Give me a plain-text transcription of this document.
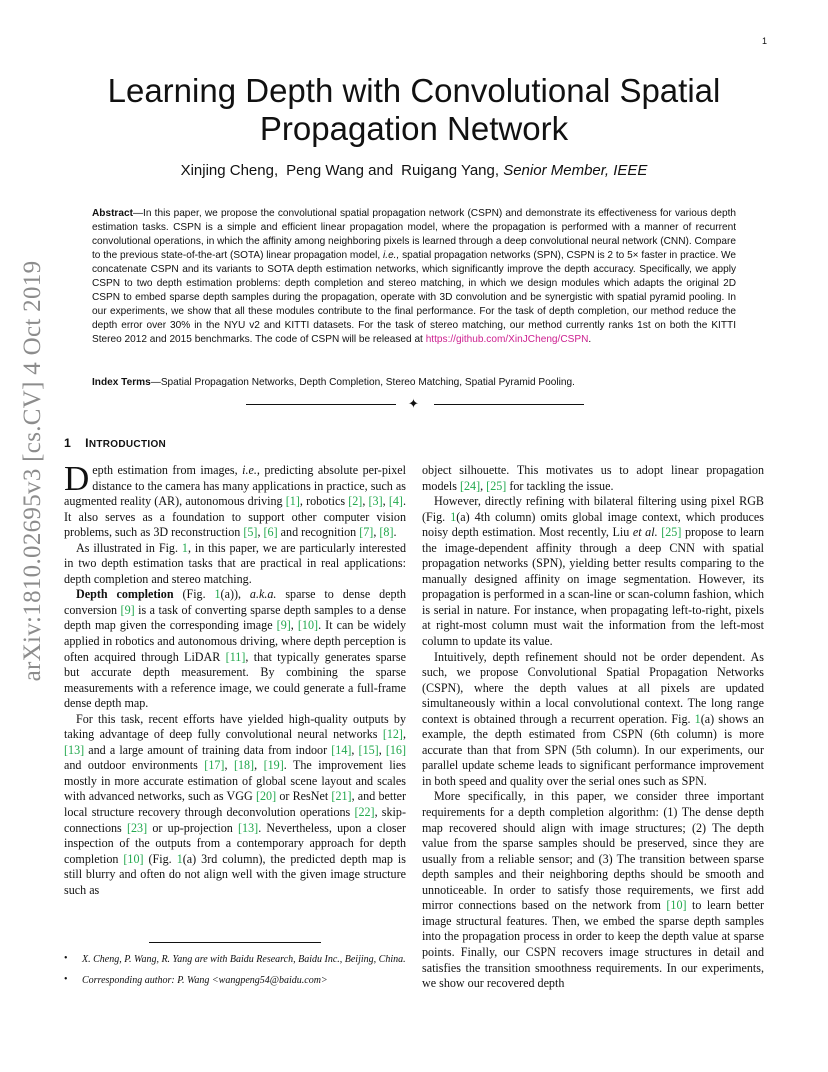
1
arXiv:1810.02695v3 [cs.CV] 4 Oct 2019
Learning Depth with Convolutional Spatial
Propagation Network
Xinjing Cheng, Peng Wang and Ruigang Yang, Senior Member, IEEE
Abstract—In this paper, we propose the convolutional spatial propagation network (CSPN) and demonstrate its effectiveness for various depth estimation tasks. CSPN is a simple and efficient linear propagation model, where the propagation is performed with a manner of recurrent convolutional operations, in which the affinity among neighboring pixels is learned through a deep convolutional neural network (CNN). Compare to the previous state-of-the-art (SOTA) linear propagation model, i.e., spatial propagation networks (SPN), CSPN is 2 to 5× faster in practice. We concatenate CSPN and its variants to SOTA depth estimation networks, which significantly improve the depth accuracy. Specifically, we apply CSPN to two depth estimation problems: depth completion and stereo matching, in which we design modules which adapts the original 2D CSPN to embed sparse depth samples during the propagation, operate with 3D convolution and be synergistic with spatial pyramid pooling. In our experiments, we show that all these modules contribute to the final performance. For the task of depth completion, our method reduce the depth error over 30% in the NYU v2 and KITTI datasets. For the task of stereo matching, our method currently ranks 1st on both the KITTI Stereo 2012 and 2015 benchmarks. The code of CSPN will be released at https://github.com/XinJCheng/CSPN.
Index Terms—Spatial Propagation Networks, Depth Completion, Stereo Matching, Spatial Pyramid Pooling.
✦
1 INTRODUCTION

Depth estimation from images, i.e., predicting absolute per-pixel distance to the camera has many applications in practice, such as augmented reality (AR), autonomous driving [1], robotics [2], [3], [4]. It also serves as a foundation to support other computer vision problems, such as 3D reconstruction [5], [6] and recognition [7], [8].

As illustrated in Fig. 1, in this paper, we are particularly interested in two depth estimation tasks that are practical in real applications: depth completion and stereo matching.

Depth completion (Fig. 1(a)), a.k.a. sparse to dense depth conversion [9] is a task of converting sparse depth samples to a dense depth map given the corresponding image [9], [10]. It can be widely applied in robotics and autonomous driving, where depth perception is often acquired through LiDAR [11], that typically generates sparse but accurate depth measurement. By combining the sparse measurements with a reference image, we could generate a full-frame dense depth map.

For this task, recent efforts have yielded high-quality outputs by taking advantage of deep fully convolutional neural networks [12], [13] and a large amount of training data from indoor [14], [15], [16] and outdoor environments [17], [18], [19]. The improvement lies mostly in more accurate estimation of global scene layout and scales with advanced networks, such as VGG [20] or ResNet [21], and better local structure recovery through deconvolution operations [22], skip-connections [23] or up-projection [13]. Nevertheless, upon a closer inspection of the outputs from a contemporary approach for depth completion [10] (Fig. 1(a) 3rd column), the predicted depth map is still blurry and often do not align well with the given image structure such as

object silhouette. This motivates us to adopt linear propagation models [24], [25] for tackling the issue.

However, directly refining with bilateral filtering using pixel RGB (Fig. 1(a) 4th column) omits global image context, which produces noisy depth estimation. Most recently, Liu et al. [25] propose to learn the image-dependent affinity through a deep CNN with spatial propagation networks (SPN), yielding better results comparing to the manually designed affinity on image segmentation. However, its propagation is performed in a scan-line or scan-column fashion, which is serial in nature. For instance, when propagating left-to-right, pixels at right-most column must wait the information from the left-most column to update its value.

Intuitively, depth refinement should not be order dependent. As such, we propose Convolutional Spatial Propagation Networks (CSPN), where the depth values at all pixels are updated simultaneously within a local convolutional context. The long range context is obtained through a recurrent operation. Fig. 1(a) shows an example, the depth estimated from CSPN (6th column) is more accurate than that from SPN (5th column). In our experiments, our parallel update scheme leads to significant performance improvement in both speed and quality over the serial ones such as SPN.

More specifically, in this paper, we consider three important requirements for a depth completion algorithm: (1) The dense depth map recovered should align with image structures; (2) The depth value from the sparse samples should be preserved, since they are usually from a reliable sensor; and (3) The transition between sparse depth samples and their neighboring depths should be smooth and unnoticeable. In order to satisfy those requirements, we first add mirror connections based on the network from [10] to learn better image structural features. Then, we embed the sparse depth samples into the propagation process in order to keep the depth value at sparse points. Finally, our CSPN recovers image structures in detail and satisfies the transition smoothness requirements. In our experiments, we show our recovered depth

• X. Cheng, P. Wang, R. Yang are with Baidu Research, Baidu Inc., Beijing, China.
• Corresponding author: P. Wang <wangpeng54@baidu.com>
